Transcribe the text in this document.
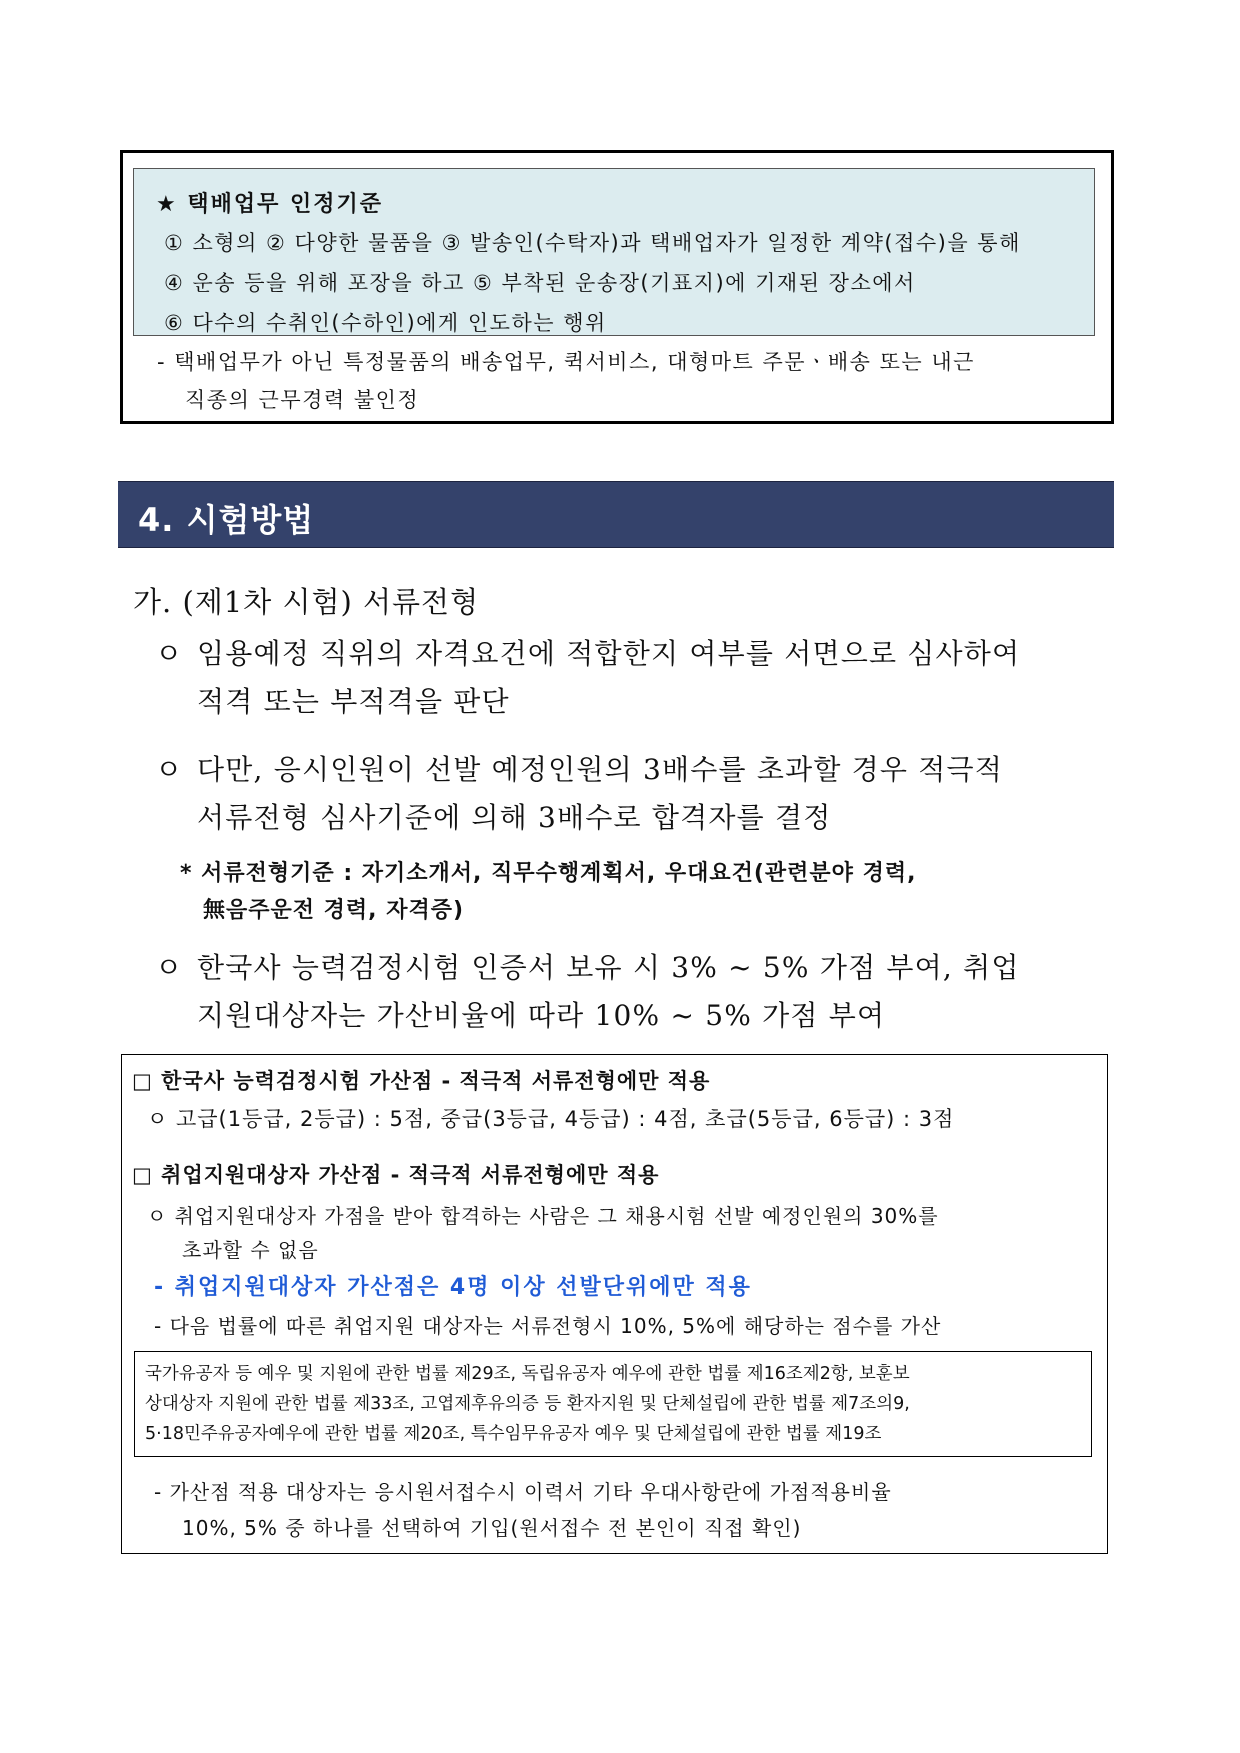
★ 택배업무 인정기준
① 소형의 ② 다양한 물품을 ③ 발송인(수탁자)과 택배업자가 일정한 계약(접수)을 통해
④ 운송 등을 위해 포장을 하고 ⑤ 부착된 운송장(기표지)에 기재된 장소에서
⑥ 다수의 수취인(수하인)에게 인도하는 행위
- 택배업무가 아닌 특정물품의 배송업무, 퀵서비스, 대형마트 주문ㆍ배송 또는 내근
직종의 근무경력 불인정
4. 시험방법
가. (제1차 시험) 서류전형
ㅇ 임용예정 직위의 자격요건에 적합한지 여부를 서면으로 심사하여
적격 또는 부적격을 판단
ㅇ 다만, 응시인원이 선발 예정인원의 3배수를 초과할 경우 적극적
서류전형 심사기준에 의해 3배수로 합격자를 결정
* 서류전형기준 : 자기소개서, 직무수행계획서, 우대요건(관련분야 경력,
無음주운전 경력, 자격증)
ㅇ 한국사 능력검정시험 인증서 보유 시 3% ~ 5% 가점 부여, 취업
지원대상자는 가산비율에 따라 10% ~ 5% 가점 부여
□ 한국사 능력검정시험 가산점 - 적극적 서류전형에만 적용
ㅇ 고급(1등급, 2등급) : 5점, 중급(3등급, 4등급) : 4점, 초급(5등급, 6등급) : 3점
□ 취업지원대상자 가산점 - 적극적 서류전형에만 적용
ㅇ 취업지원대상자 가점을 받아 합격하는 사람은 그 채용시험 선발 예정인원의 30%를
초과할 수 없음
- 취업지원대상자 가산점은 4명 이상 선발단위에만 적용
- 다음 법률에 따른 취업지원 대상자는 서류전형시 10%, 5%에 해당하는 점수를 가산
국가유공자 등 예우 및 지원에 관한 법률 제29조, 독립유공자 예우에 관한 법률 제16조제2항, 보훈보
상대상자 지원에 관한 법률 제33조, 고엽제후유의증 등 환자지원 및 단체설립에 관한 법률 제7조의9,
5·18민주유공자예우에 관한 법률 제20조, 특수임무유공자 예우 및 단체설립에 관한 법률 제19조
- 가산점 적용 대상자는 응시원서접수시 이력서 기타 우대사항란에 가점적용비율
10%, 5% 중 하나를 선택하여 기입(원서접수 전 본인이 직접 확인)
